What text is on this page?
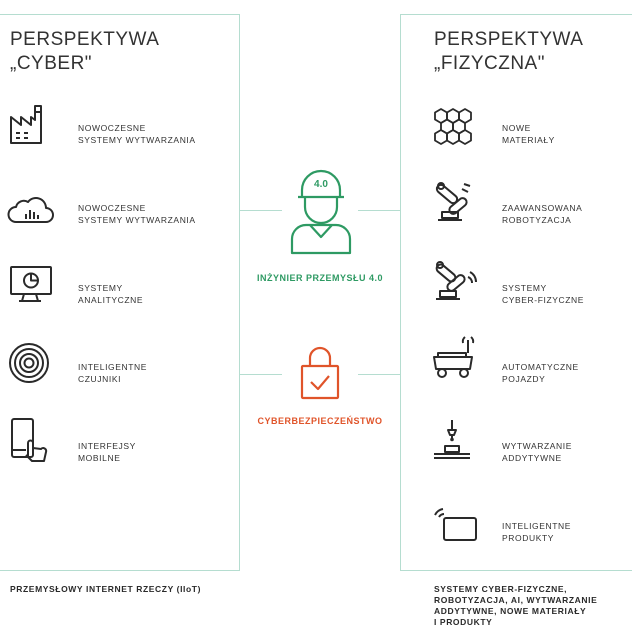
PERSPEKTYWA
„CYBER"
PERSPEKTYWA
„FIZYCZNA"
NOWOCZESNE
SYSTEMY WYTWARZANIA
NOWOCZESNE
SYSTEMY WYTWARZANIA
SYSTEMY
ANALITYCZNE
INTELIGENTNE
CZUJNIKI
INTERFEJSY
MOBILNE
NOWE
MATERIAŁY
ZAAWANSOWANA
ROBOTYZACJA
SYSTEMY
CYBER-FIZYCZNE
AUTOMATYCZNE
POJAZDY
WYTWARZANIE
ADDYTYWNE
INTELIGENTNE
PRODUKTY
4.0
INŻYNIER PRZEMYSŁU 4.0
CYBERBEZPIECZEŃSTWO
PRZEMYSŁOWY INTERNET RZECZY (IIoT)	SYSTEMY CYBER-FIZYCZNE,
ROBOTYZACJA, AI, WYTWARZANIE
ADDYTYWNE, NOWE MATERIAŁY
I PRODUKTY
